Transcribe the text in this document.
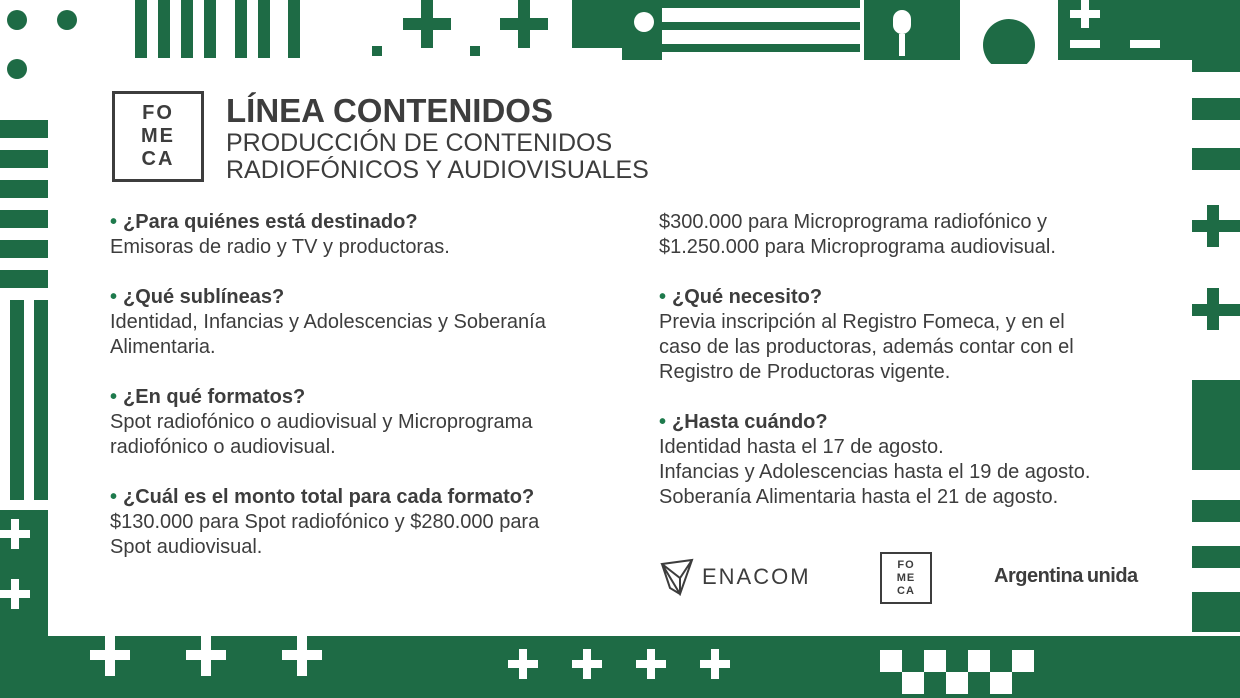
FO
ME
CA

LÍNEA CONTENIDOS

PRODUCCIÓN DE CONTENIDOS

RADIOFÓNICOS Y AUDIOVISUALES

• ¿Para quiénes está destinado?
Emisoras de radio y TV y productoras.
• ¿Qué sublíneas?
Identidad, Infancias y Adolescencias y Soberanía
Alimentaria.
• ¿En qué formatos?
Spot radiofónico o audiovisual y Microprograma
radiofónico o audiovisual.
• ¿Cuál es el monto total para cada formato?
$130.000 para Spot radiofónico y $280.000 para
Spot audiovisual.
$300.000 para Microprograma radiofónico y
$1.250.000 para Microprograma audiovisual.
• ¿Qué necesito?
Previa inscripción al Registro Fomeca, y en el
caso de las productoras, además contar con el
Registro de Productoras vigente.
• ¿Hasta cuándo?
Identidad hasta el 17 de agosto.
Infancias y Adolescencias hasta el 19 de agosto.
Soberanía Alimentaria hasta el 21 de agosto.
ENACOM	FO
ME
CA
Argentina unida
